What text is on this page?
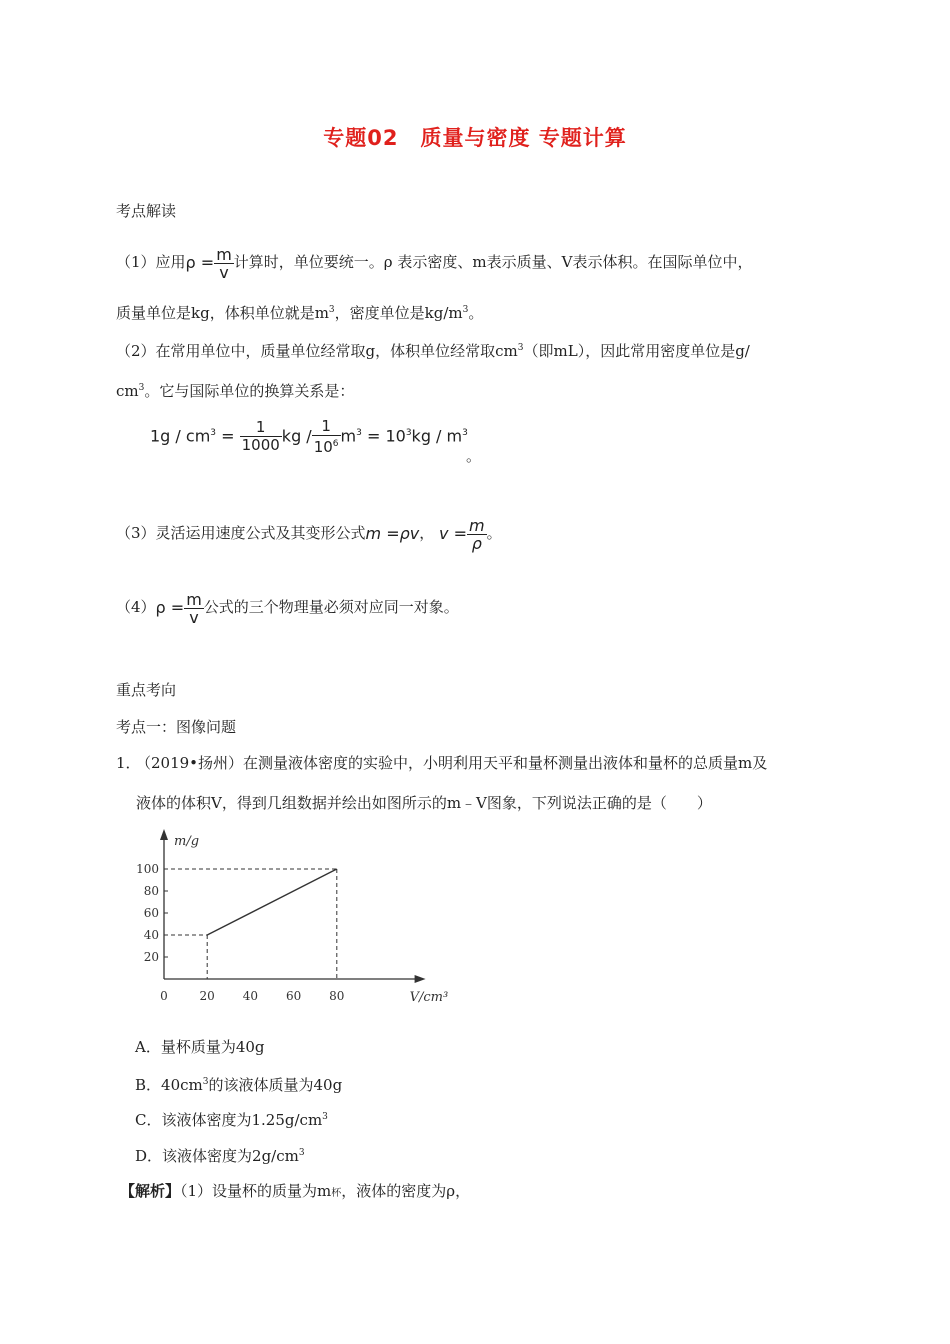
专题02　质量与密度 专题计算
考点解读
（1）应用$\rho = \frac{m}{v}$ 计算时，单位要统一。ρ 表示密度、m表示质量、V表示体积。在国际单位中，
质量单位是kg，体积单位就是$m^3$，密度单位是$kg/m^3$。
（2）在常用单位中，质量单位经常取g，体积单位经常取$cm^3$（即mL），因此常用密度单位是g/
$cm^3$。它与国际单位的换算关系是：
$1g / cm^3 = \frac{1}{1000}$ kg / $\frac{1}{10^6} m^3 = 10^3kg / m^3$
。
（3）灵活运用速度公式及其变形公式m =ρv， $v = \frac{m}{\rho}$ 。
$(4)\rho = \frac{m}{v}$ 公式的三个物理量必须对应同一对象。
重点考向
考点一：图像问题
1．
（2019•扬州）在测量液体密度的实验中，小明利用天平和量杯测量出液体和量杯的总质量m及
液体的体积V，得到几组数据并绘出如图所示的m﹣V图象，下列说法正确的是（　　）
m/g
V/cm³
0	20 40 60 80
20
40
60
80
100
A．量杯质量为40g
B．$40cm^3$的该液体质量为40g
C．该液体密度为$1.25g/cm^3$
D．该液体密度为$2g/cm^3$
【解析】（1）设量杯的质量为m杯，液体的密度为ρ，
